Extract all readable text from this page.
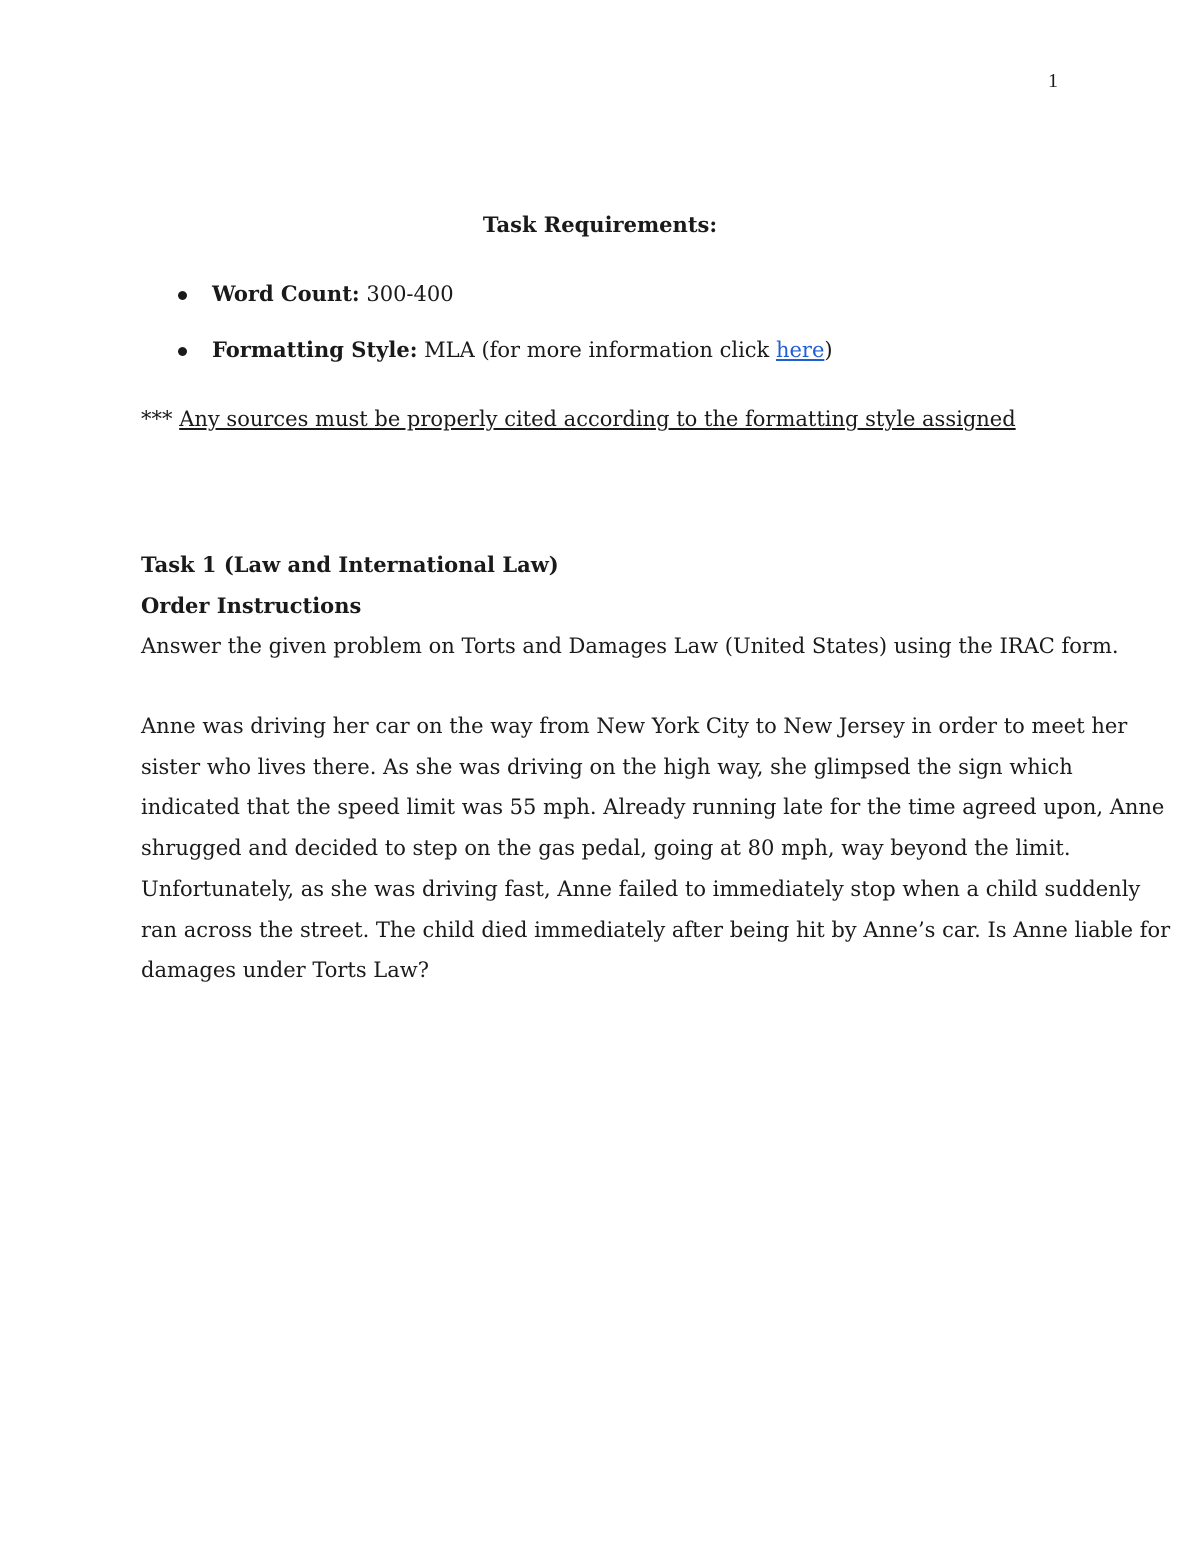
1
Task Requirements:
Word Count: 300-400
Formatting Style: MLA (for more information click here)
*** Any sources must be properly cited according to the formatting style assigned
Task 1 (Law and International Law)
Order Instructions
Answer the given problem on Torts and Damages Law (United States) using the IRAC form.
Anne was driving her car on the way from New York City to New Jersey in order to meet her
sister who lives there. As she was driving on the high way, she glimpsed the sign which
indicated that the speed limit was 55 mph. Already running late for the time agreed upon, Anne
shrugged and decided to step on the gas pedal, going at 80 mph, way beyond the limit.
Unfortunately, as she was driving fast, Anne failed to immediately stop when a child suddenly
ran across the street. The child died immediately after being hit by Anne’s car. Is Anne liable for
damages under Torts Law?
